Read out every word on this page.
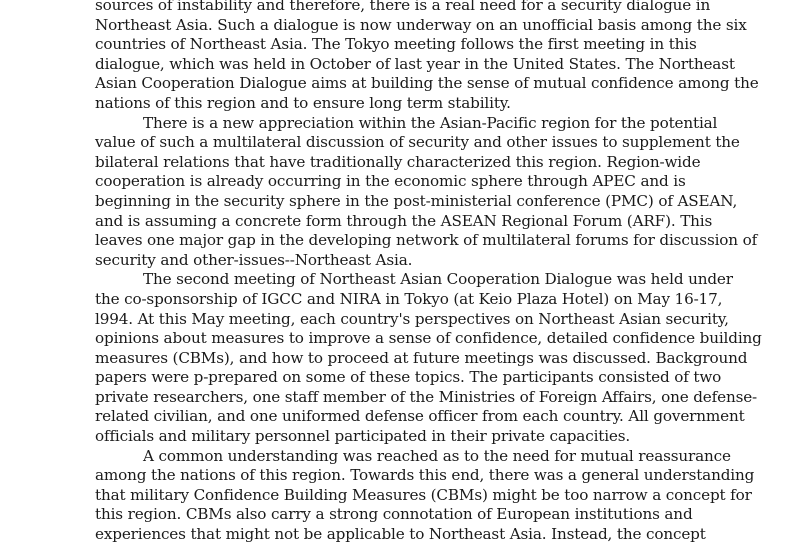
sources of instability and therefore, there is a real need for a security dialogue in
Northeast Asia. Such a dialogue is now underway on an unofficial basis among the six
countries of Northeast Asia. The Tokyo meeting follows the first meeting in this
dialogue, which was held in October of last year in the United States. The Northeast
Asian Cooperation Dialogue aims at building the sense of mutual confidence among the
nations of this region and to ensure long term stability.
There is a new appreciation within the Asian-Pacific region for the potential
value of such a multilateral discussion of security and other issues to supplement the
bilateral relations that have traditionally characterized this region. Region-wide
cooperation is already occurring in the economic sphere through APEC and is
beginning in the security sphere in the post-ministerial conference (PMC) of ASEAN,
and is assuming a concrete form through the ASEAN Regional Forum (ARF). This
leaves one major gap in the developing network of multilateral forums for discussion of
security and other-issues--Northeast Asia.
The second meeting of Northeast Asian Cooperation Dialogue was held under
the co-sponsorship of IGCC and NIRA in Tokyo (at Keio Plaza Hotel) on May 16-17,
l994. At this May meeting, each country's perspectives on Northeast Asian security,
opinions about measures to improve a sense of confidence, detailed confidence building
measures (CBMs), and how to proceed at future meetings was discussed. Background
papers were p-prepared on some of these topics. The participants consisted of two
private researchers, one staff member of the Ministries of Foreign Affairs, one defense-
related civilian, and one uniformed defense officer from each country. All government
officials and military personnel participated in their private capacities.
A common understanding was reached as to the need for mutual reassurance
among the nations of this region. Towards this end, there was a general understanding
that military Confidence Building Measures (CBMs) might be too narrow a concept for
this region. CBMs also carry a strong connotation of European institutions and
experiences that might not be applicable to Northeast Asia. Instead, the concept
